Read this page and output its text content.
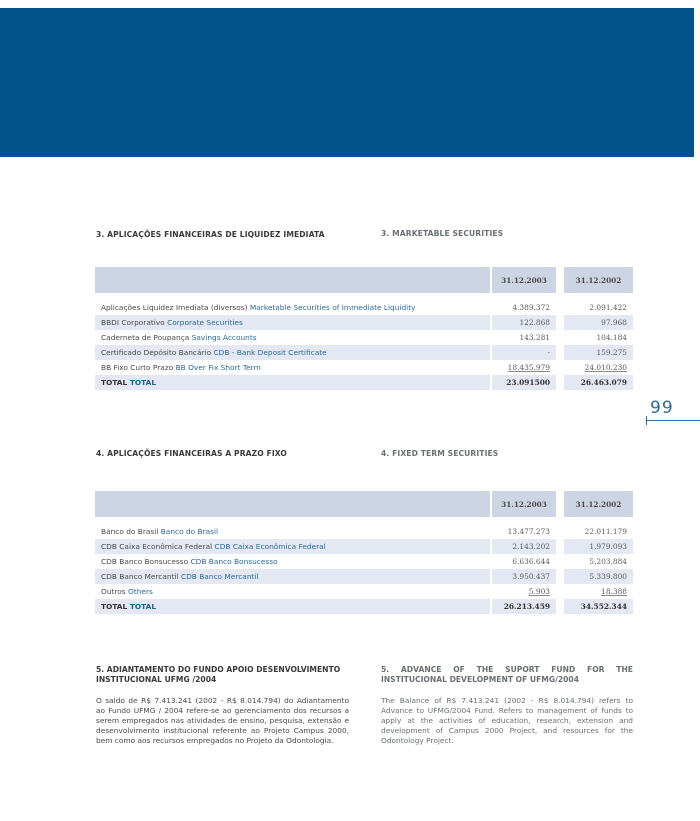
3. APLICAÇÕES FINANCEIRAS DE LIQUIDEZ IMEDIATA	3. MARKETABLE SECURITIES
31.12.2003	31.12.2002
Aplicações Liquidez Imediata (diversos) Marketable Securities of Immediate Liquidity	4.389.372	2.091.422
BBDI Corporativo Corporate Securities	122.868	97.968
Caderneta de Poupança Savings Accounts	143.281	104.184
Certificado Depósito Bancário CDB - Bank Deposit Certificate	-	159.275
BB Fixo Curto Prazo BB Over Fix Short Term	18.435.979	24.010.230
TOTAL TOTAL	23.091500	26.463.079
99
4. APLICAÇÕES FINANCEIRAS A PRAZO FIXO	4. FIXED TERM SECURITIES
31.12.2003	31.12.2002
Banco do Brasil Banco do Brasil	13.477.273	22.011.179
CDB Caixa Econômica Federal CDB Caixa Econômica Federal	2.143.202	1.979.093
CDB Banco Bonsucesso CDB Banco Bonsucesso	6.636.644	5.203.884
CDB Banco Mercantil CDB Banco Mercantil	3.950.437	5.339.800
Outros Others	5.903	18.388
TOTAL TOTAL	26.213.459	34.552.344
5. ADIANTAMENTO DO FUNDO APOIO DESENVOLVIMENTO INSTITUCIONAL UFMG /2004
5. ADVANCE OF THE SUPORT FUND FOR THE INSTITUCIONAL DEVELOPMENT OF UFMG/2004
O saldo de R$ 7.413.241 (2002 - R$ 8.014.794) do Adiantamento ao Fundo UFMG / 2004 refere-se ao gerenciamento dos recursos a serem empregados nas atividades de ensino, pesquisa, extensão e desenvolvimento institucional referente ao Projeto Campus 2000, bem como aos recursos empregados no Projeto da Odontologia.
The Balance of R$ 7.413.241 (2002 - R$ 8.014.794) refers to Advance to UFMG/2004 Fund. Refers to management of funds to apply at the activities of education, research, extension and development of Campus 2000 Project, and resources for the Odontology Project.
